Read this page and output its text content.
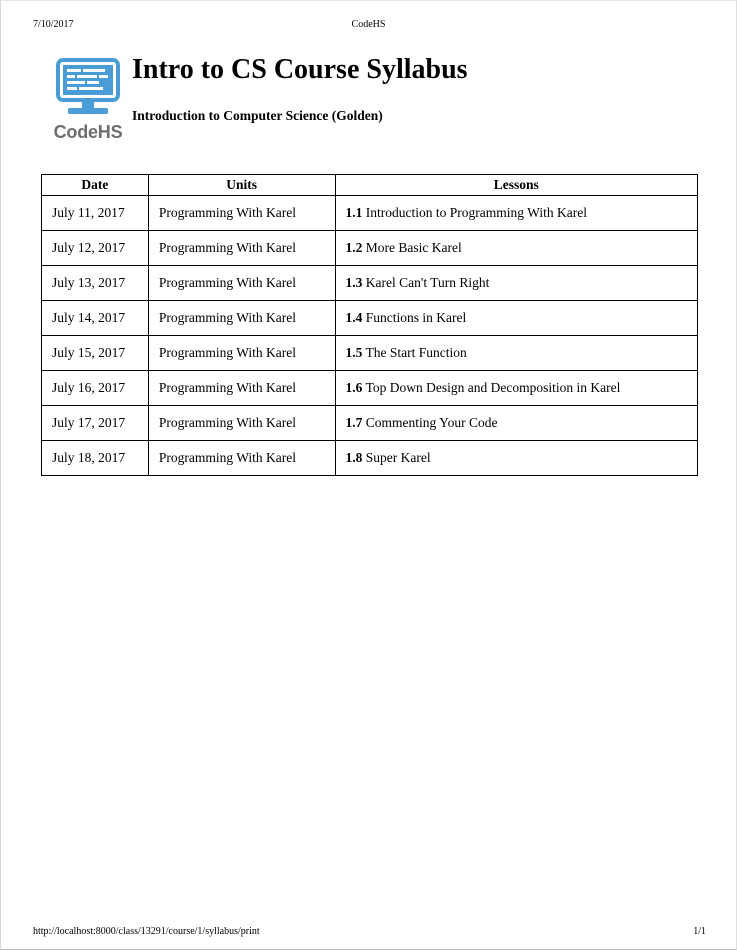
7/10/2017	CodeHS
CodeHS
Intro to CS Course Syllabus
Introduction to Computer Science (Golden)
Date	Units	Lessons
July 11, 2017	Programming With Karel	1.1 Introduction to Programming With Karel
July 12, 2017	Programming With Karel	1.2 More Basic Karel
July 13, 2017	Programming With Karel	1.3 Karel Can't Turn Right
July 14, 2017	Programming With Karel	1.4 Functions in Karel
July 15, 2017	Programming With Karel	1.5 The Start Function
July 16, 2017	Programming With Karel	1.6 Top Down Design and Decomposition in Karel
July 17, 2017	Programming With Karel	1.7 Commenting Your Code
July 18, 2017	Programming With Karel	1.8 Super Karel
http://localhost:8000/class/13291/course/1/syllabus/print	1/1
